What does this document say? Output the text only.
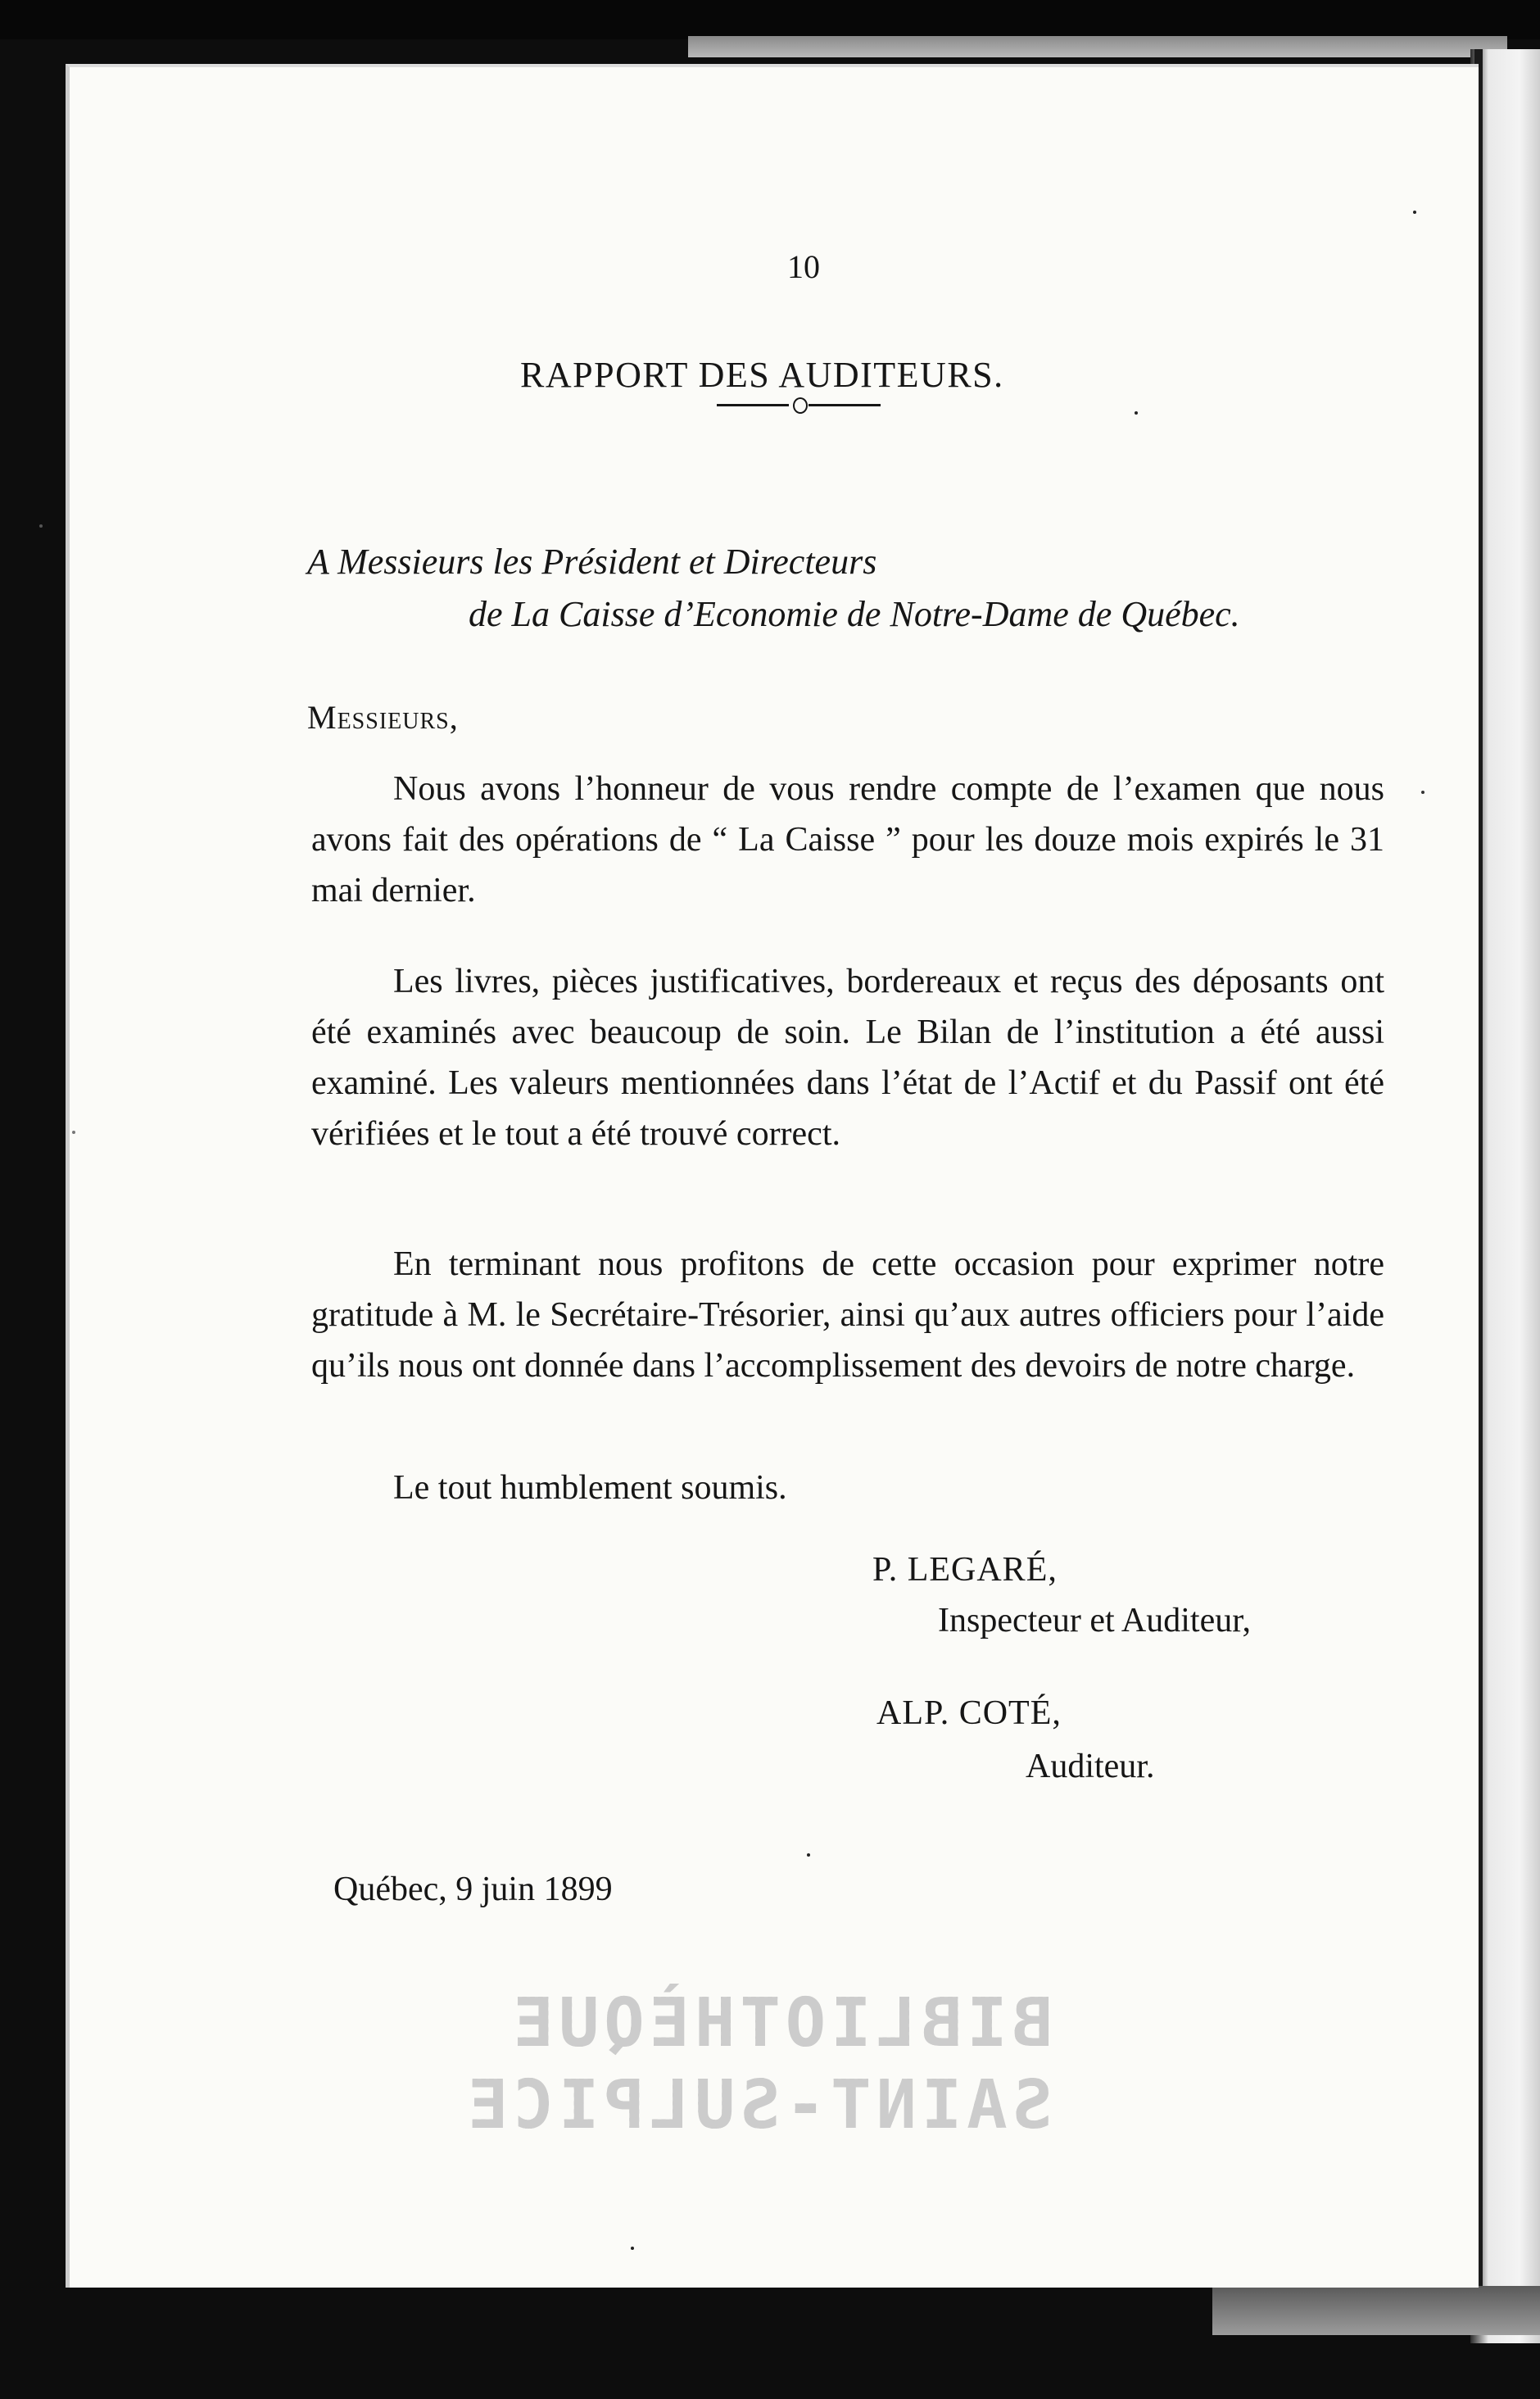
10
RAPPORT DES AUDITEURS.
A Messieurs les Président et Directeurs
de La Caisse d’Economie de Notre-Dame de Québec.
Messieurs,
Nous avons l’honneur de vous rendre compte de l’examen que nous avons fait des opérations de “ La Caisse ” pour les douze mois expirés le 31 mai dernier.
Les livres, pièces justificatives, bordereaux et reçus des déposants ont été examinés avec beaucoup de soin. Le Bilan de l’institution a été aussi examiné. Les valeurs mentionnées dans l’état de l’Actif et du Passif ont été vérifiées et le tout a été trouvé correct.
En terminant nous profitons de cette occasion pour exprimer notre gratitude à M. le Secrétaire-Trésorier, ainsi qu’aux autres officiers pour l’aide qu’ils nous ont donnée dans l’accomplissement des devoirs de notre charge.
Le tout humblement soumis.
P. LEGARÉ,
Inspecteur et Auditeur,
ALP. COTÉ,
Auditeur.
Québec, 9 juin 1899
BIBLIOTHÈQUE
SAINT-SULPICE
